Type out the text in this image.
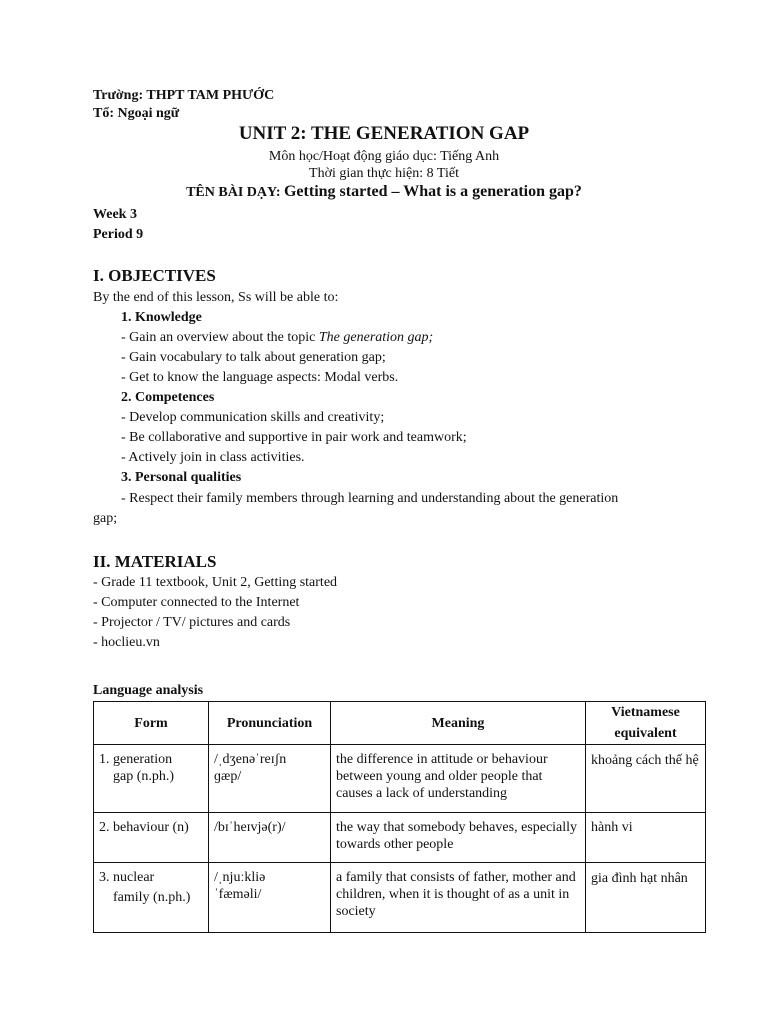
Trường: THPT TAM PHƯỚC
Tổ: Ngoại ngữ
UNIT 2: THE GENERATION GAP
Môn học/Hoạt động giáo dục: Tiếng Anh
Thời gian thực hiện: 8 Tiết
TÊN BÀI DẠY: Getting started – What is a generation gap?
Week 3
Period 9
I. OBJECTIVES
By the end of this lesson, Ss will be able to:
1. Knowledge
- Gain an overview about the topic The generation gap;
- Gain vocabulary to talk about generation gap;
- Get to know the language aspects: Modal verbs.
2. Competences
- Develop communication skills and creativity;
- Be collaborative and supportive in pair work and teamwork;
- Actively join in class activities.
3. Personal qualities
- Respect their family members through learning and understanding about the generation
gap;
II. MATERIALS
- Grade 11 textbook, Unit 2, Getting started
- Computer connected to the Internet
- Projector / TV/ pictures and cards
- hoclieu.vn
Language analysis
Form	Pronunciation	Meaning	Vietnamese
equivalent
1. generation
gap (n.ph.)	/ˌdʒenəˈreɪʃn
ɡæp/	the difference in attitude or behaviour between young and older people that causes a lack of understanding	khoảng cách thế hệ
2. behaviour (n)	/bɪˈheɪvjə(r)/	the way that somebody behaves, especially towards other people	hành vi
3. nuclear
family (n.ph.)	/ˌnjuːkliə
ˈfæməli/	a family that consists of father, mother and children, when it is thought of as a unit in society	gia đình hạt nhân
